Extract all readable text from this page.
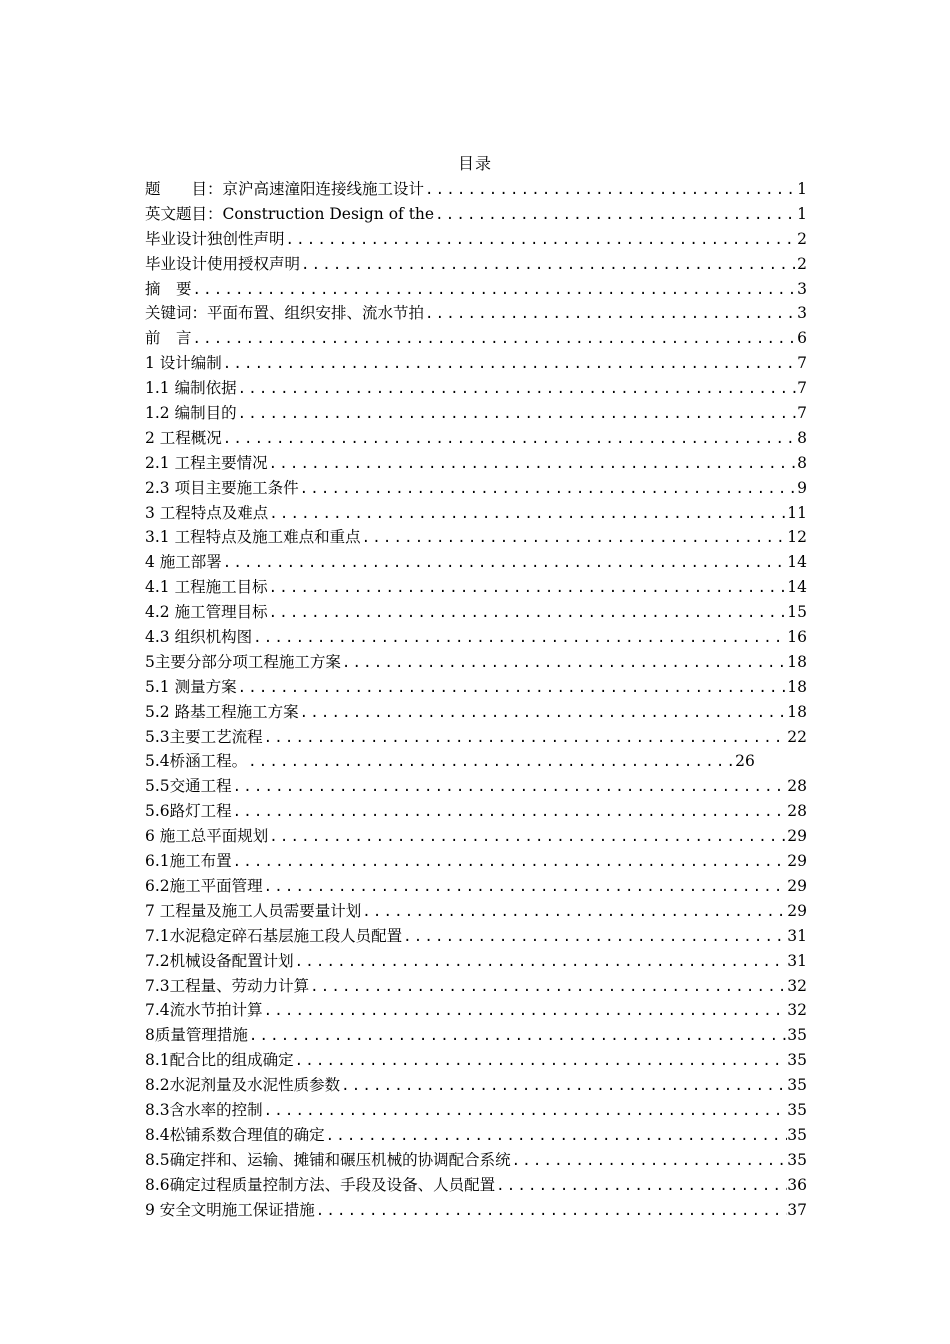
目录
题　　目：京沪高速潼阳连接线施工设计 .....	1
英文题目：Construction Design of the .....	1
毕业设计独创性声明 .....	2
毕业设计使用授权声明 .....	2
摘　要 .....	3
关键词：平面布置、组织安排、流水节拍 .....	3
前　言 .....	6
1 设计编制 .....	7
1.1 编制依据 .....	7
1.2 编制目的 .....	7
2 工程概况 .....	8
2.1 工程主要情况 .....	8
2.3 项目主要施工条件 .....	9
3 工程特点及难点 .....	11
3.1 工程特点及施工难点和重点 .....	12
4 施工部署 .....	14
4.1 工程施工目标 .....	14
4.2 施工管理目标 .....	15
4.3 组织机构图 .....	16
5主要分部分项工程施工方案 .....	18
5.1 测量方案 .....	18
5.2 路基工程施工方案 .....	18
5.3主要工艺流程 .....	22
5.4桥涵工程。 .....	26
5.5交通工程 .....	28
5.6路灯工程 .....	28
6 施工总平面规划 .....	29
6.1施工布置 .....	29
6.2施工平面管理 .....	29
7 工程量及施工人员需要量计划 .....	29
7.1水泥稳定碎石基层施工段人员配置 .....	31
7.2机械设备配置计划 .....	31
7.3工程量、劳动力计算 .....	32
7.4流水节拍计算 .....	32
8质量管理措施 .....	35
8.1配合比的组成确定 .....	35
8.2水泥剂量及水泥性质参数 .....	35
8.3含水率的控制 .....	35
8.4松铺系数合理值的确定 .....	35
8.5确定拌和、运输、摊铺和碾压机械的协调配合系统 .....	35
8.6确定过程质量控制方法、手段及设备、人员配置 .....	36
9 安全文明施工保证措施 .....	37
